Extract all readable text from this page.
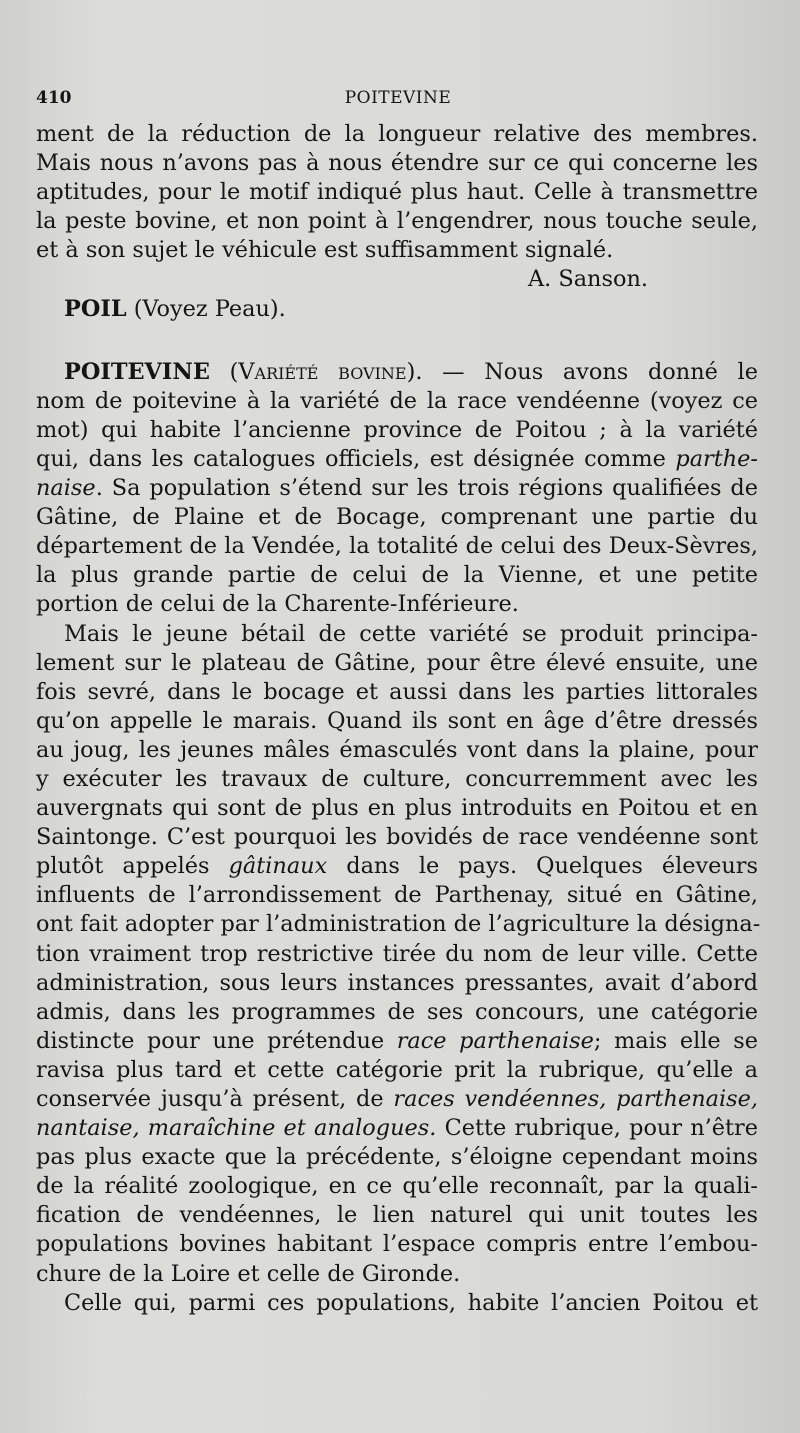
410	POITEVINE

ment de la réduction de la longueur relative des membres.
Mais nous n’avons pas à nous étendre sur ce qui concerne les
aptitudes, pour le motif indiqué plus haut. Celle à transmettre
la peste bovine, et non point à l’engendrer, nous touche seule,
et à son sujet le véhicule est suffisamment signalé.

A. Sanson.

POIL (Voyez Peau).

POITEVINE (Variété bovine). — Nous avons donné le
nom de poitevine à la variété de la race vendéenne (voyez ce
mot) qui habite l’ancienne province de Poitou ; à la variété
qui, dans les catalogues officiels, est désignée comme parthe-
naise. Sa population s’étend sur les trois régions qualifiées de
Gâtine, de Plaine et de Bocage, comprenant une partie du
département de la Vendée, la totalité de celui des Deux-Sèvres,
la plus grande partie de celui de la Vienne, et une petite
portion de celui de la Charente-Inférieure.

Mais le jeune bétail de cette variété se produit principa-
lement sur le plateau de Gâtine, pour être élevé ensuite, une
fois sevré, dans le bocage et aussi dans les parties littorales
qu’on appelle le marais. Quand ils sont en âge d’être dressés
au joug, les jeunes mâles émasculés vont dans la plaine, pour
y exécuter les travaux de culture, concurremment avec les
auvergnats qui sont de plus en plus introduits en Poitou et en
Saintonge. C’est pourquoi les bovidés de race vendéenne sont
plutôt appelés gâtinaux dans le pays. Quelques éleveurs
influents de l’arrondissement de Parthenay, situé en Gâtine,
ont fait adopter par l’administration de l’agriculture la désigna-
tion vraiment trop restrictive tirée du nom de leur ville. Cette
administration, sous leurs instances pressantes, avait d’abord
admis, dans les programmes de ses concours, une catégorie
distincte pour une prétendue race parthenaise; mais elle se
ravisa plus tard et cette catégorie prit la rubrique, qu’elle a
conservée jusqu’à présent, de races vendéennes, parthenaise,
nantaise, maraîchine et analogues. Cette rubrique, pour n’être
pas plus exacte que la précédente, s’éloigne cependant moins
de la réalité zoologique, en ce qu’elle reconnaît, par la quali-
fication de vendéennes, le lien naturel qui unit toutes les
populations bovines habitant l’espace compris entre l’embou-
chure de la Loire et celle de Gironde.

Celle qui, parmi ces populations, habite l’ancien Poitou et
